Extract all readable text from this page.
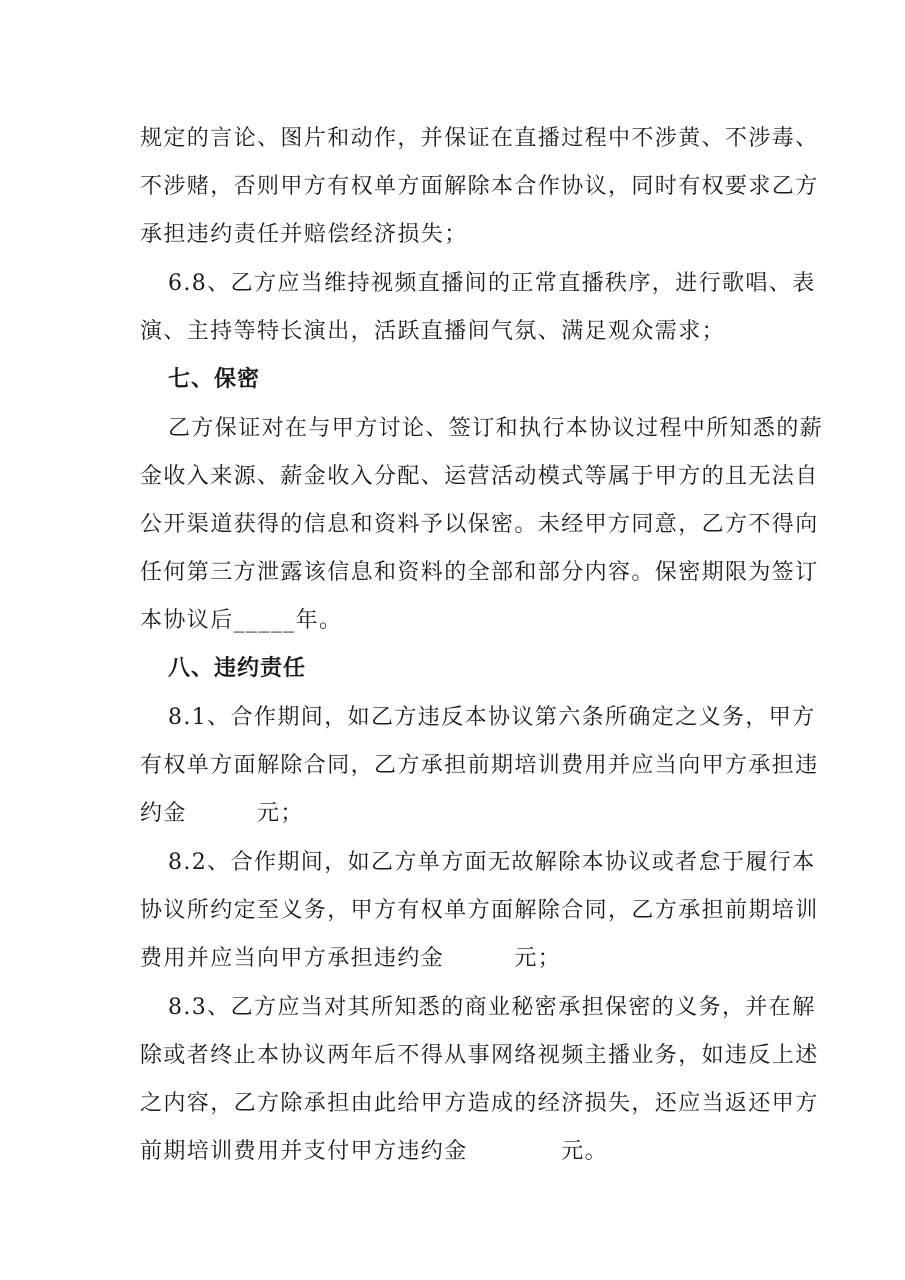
规定的言论、图片和动作，并保证在直播过程中不涉黄、不涉毒、
不涉赌，否则甲方有权单方面解除本合作协议，同时有权要求乙方
承担违约责任并赔偿经济损失；
6.8、乙方应当维持视频直播间的正常直播秩序，进行歌唱、表
演、主持等特长演出，活跃直播间气氛、满足观众需求；
七、保密
乙方保证对在与甲方讨论、签订和执行本协议过程中所知悉的薪
金收入来源、薪金收入分配、运营活动模式等属于甲方的且无法自
公开渠道获得的信息和资料予以保密。未经甲方同意，乙方不得向
任何第三方泄露该信息和资料的全部和部分内容。保密期限为签订
本协议后_____年。
八、违约责任
8.1、合作期间，如乙方违反本协议第六条所确定之义务，甲方
有权单方面解除合同，乙方承担前期培训费用并应当向甲方承担违
约金　　　元；
8.2、合作期间，如乙方单方面无故解除本协议或者怠于履行本
协议所约定至义务，甲方有权单方面解除合同，乙方承担前期培训
费用并应当向甲方承担违约金　　　元；
8.3、乙方应当对其所知悉的商业秘密承担保密的义务，并在解
除或者终止本协议两年后不得从事网络视频主播业务，如违反上述
之内容，乙方除承担由此给甲方造成的经济损失，还应当返还甲方
前期培训费用并支付甲方违约金　　　　元。
